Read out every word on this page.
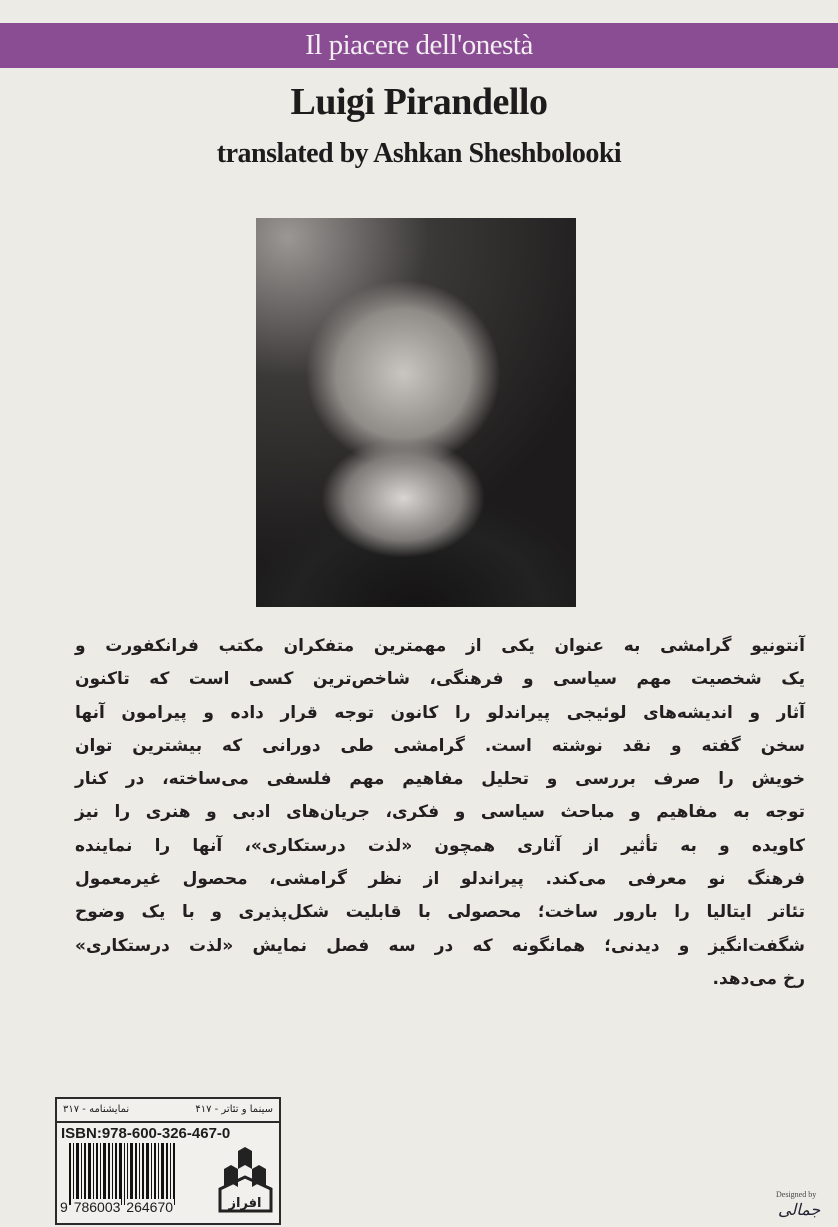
Il piacere dell'onestà
Luigi Pirandello
translated by Ashkan Sheshbolooki
آنتونیو گرامشی به عنوان یکی از مهمترین متفکران مکتب فرانکفورت و
یک شخصیت مهم سیاسی و فرهنگی، شاخص‌ترین کسی است که تاکنون
آثار و اندیشه‌های لوئیجی پیراندلو را کانون توجه قرار داده و پیرامون آنها
سخن گفته و نقد نوشته است. گرامشی طی دورانی که بیشترین توان
خویش را صرف بررسی و تحلیل مفاهیم مهم فلسفی می‌ساخته، در کنار
توجه به مفاهیم و مباحث سیاسی و فکری، جریان‌های ادبی و هنری را نیز
کاویده و به تأثیر از آثاری همچون «لذت درستکاری»، آنها را نماینده
فرهنگ نو معرفی می‌کند. پیراندلو از نظر گرامشی، محصول غیرمعمول
تئاتر ایتالیا را بارور ساخت؛ محصولی با قابلیت شکل‌پذیری و با یک وضوح
شگفت‌انگیز و دیدنی؛ همانگونه که در سه فصل نمایش «لذت درستکاری»
رخ می‌دهد.
سینما و تئاتر - ۴۱۷
نمایشنامه - ۳۱۷
ISBN:978-600-326-467-0
9 786003 264670	افراز
Designed by
جمالی
